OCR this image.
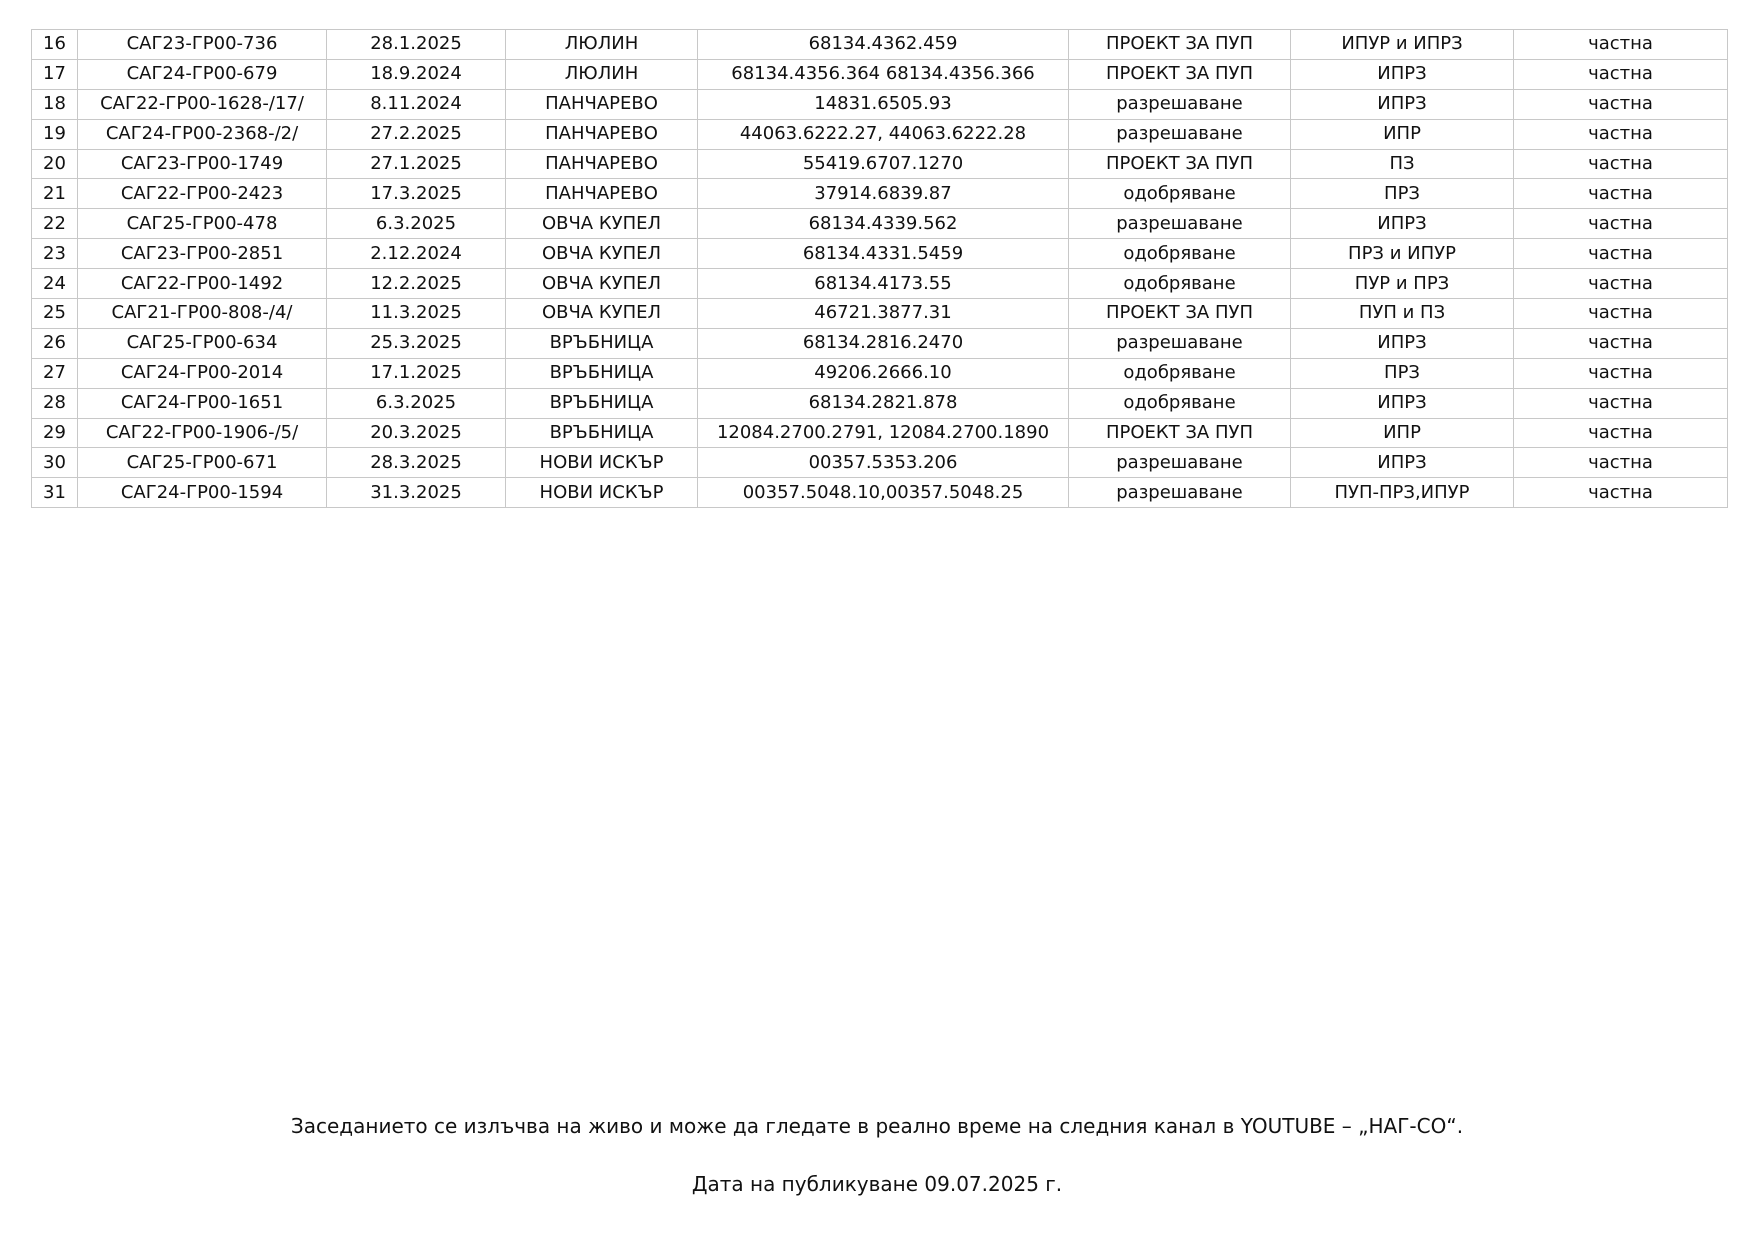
16	САГ23-ГР00-736	28.1.2025	ЛЮЛИН	68134.4362.459	ПРОЕКТ ЗА ПУП	ИПУР и ИПРЗ	частна
17	САГ24-ГР00-679	18.9.2024	ЛЮЛИН	68134.4356.364 68134.4356.366	ПРОЕКТ ЗА ПУП	ИПРЗ	частна
18	САГ22-ГР00-1628-/17/	8.11.2024	ПАНЧАРЕВО	14831.6505.93	разрешаване	ИПРЗ	частна
19	САГ24-ГР00-2368-/2/	27.2.2025	ПАНЧАРЕВО	44063.6222.27, 44063.6222.28	разрешаване	ИПР	частна
20	САГ23-ГР00-1749	27.1.2025	ПАНЧАРЕВО	55419.6707.1270	ПРОЕКТ ЗА ПУП	ПЗ	частна
21	САГ22-ГР00-2423	17.3.2025	ПАНЧАРЕВО	37914.6839.87	одобряване	ПРЗ	частна
22	САГ25-ГР00-478	6.3.2025	ОВЧА КУПЕЛ	68134.4339.562	разрешаване	ИПРЗ	частна
23	САГ23-ГР00-2851	2.12.2024	ОВЧА КУПЕЛ	68134.4331.5459	одобряване	ПРЗ и ИПУР	частна
24	САГ22-ГР00-1492	12.2.2025	ОВЧА КУПЕЛ	68134.4173.55	одобряване	ПУР и ПРЗ	частна
25	САГ21-ГР00-808-/4/	11.3.2025	ОВЧА КУПЕЛ	46721.3877.31	ПРОЕКТ ЗА ПУП	ПУП и ПЗ	частна
26	САГ25-ГР00-634	25.3.2025	ВРЪБНИЦА	68134.2816.2470	разрешаване	ИПРЗ	частна
27	САГ24-ГР00-2014	17.1.2025	ВРЪБНИЦА	49206.2666.10	одобряване	ПРЗ	частна
28	САГ24-ГР00-1651	6.3.2025	ВРЪБНИЦА	68134.2821.878	одобряване	ИПРЗ	частна
29	САГ22-ГР00-1906-/5/	20.3.2025	ВРЪБНИЦА	12084.2700.2791, 12084.2700.1890	ПРОЕКТ ЗА ПУП	ИПР	частна
30	САГ25-ГР00-671	28.3.2025	НОВИ ИСКЪР	00357.5353.206	разрешаване	ИПРЗ	частна
31	САГ24-ГР00-1594	31.3.2025	НОВИ ИСКЪР	00357.5048.10,00357.5048.25	разрешаване	ПУП-ПРЗ,ИПУР	частна
Заседанието се излъчва на живо и може да гледате в реално време на следния канал в YOUTUBE – „НАГ-СО“.
Дата на публикуване 09.07.2025 г.
